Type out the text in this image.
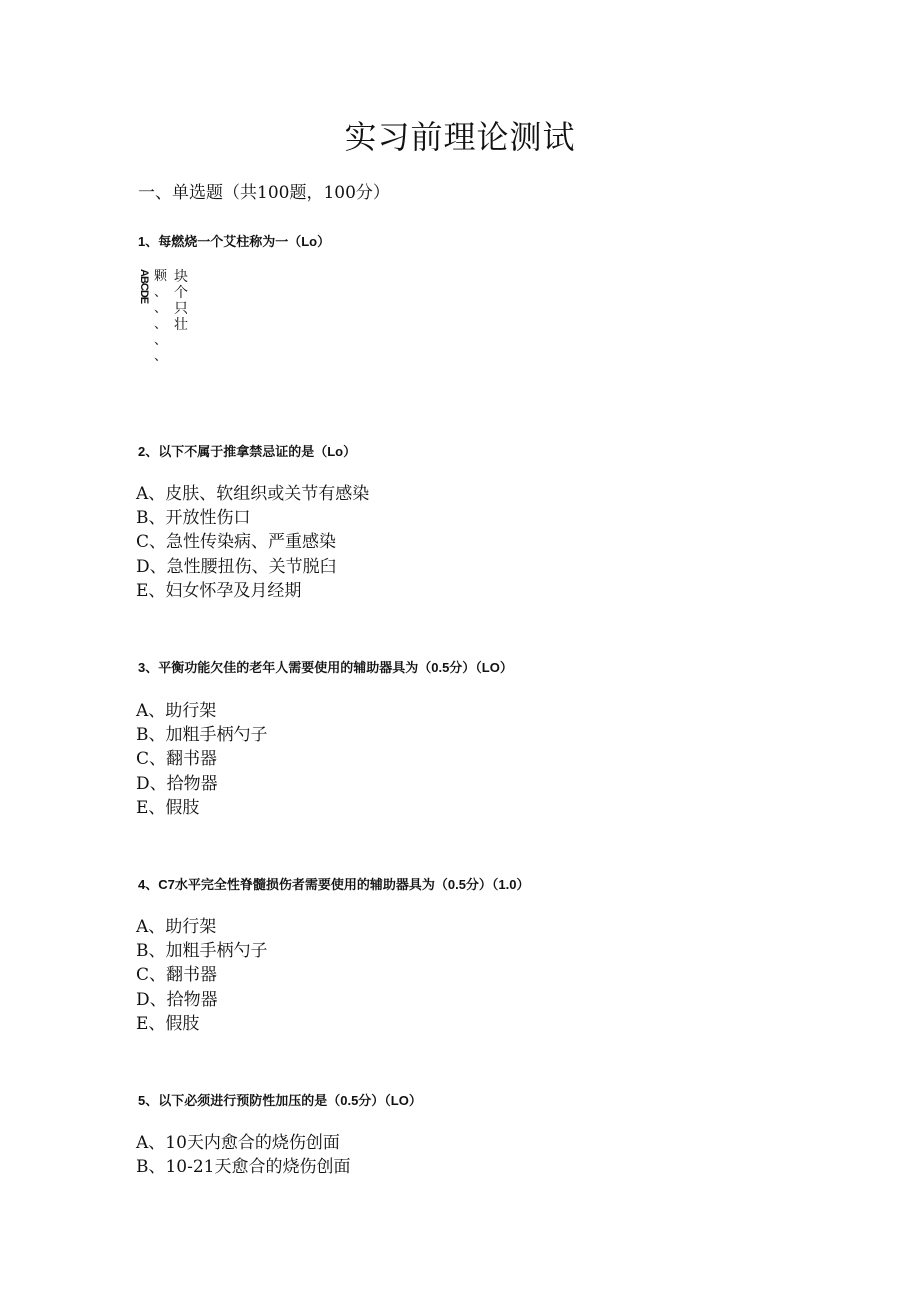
实习前理论测试
一、单选题（共100题，100分）
1、每燃烧一个艾柱称为一（Lo）
ABCDE 颗
、
、
、
、
、
块
个
只
壮
2、以下不属于推拿禁忌证的是（Lo）
A、皮肤、软组织或关节有感染
B、开放性伤口
C、急性传染病、严重感染
D、急性腰扭伤、关节脱臼
E、妇女怀孕及月经期
3、平衡功能欠佳的老年人需要使用的辅助器具为（0.5分）（LO）
A、助行架
B、加粗手柄勺子
C、翻书器
D、拾物器
E、假肢
4、C7水平完全性脊髓损伤者需要使用的辅助器具为（0.5分）（1.0）
A、助行架
B、加粗手柄勺子
C、翻书器
D、拾物器
E、假肢
5、以下必须进行预防性加压的是（0.5分）（LO）
A、10天内愈合的烧伤创面
B、10-21天愈合的烧伤创面
